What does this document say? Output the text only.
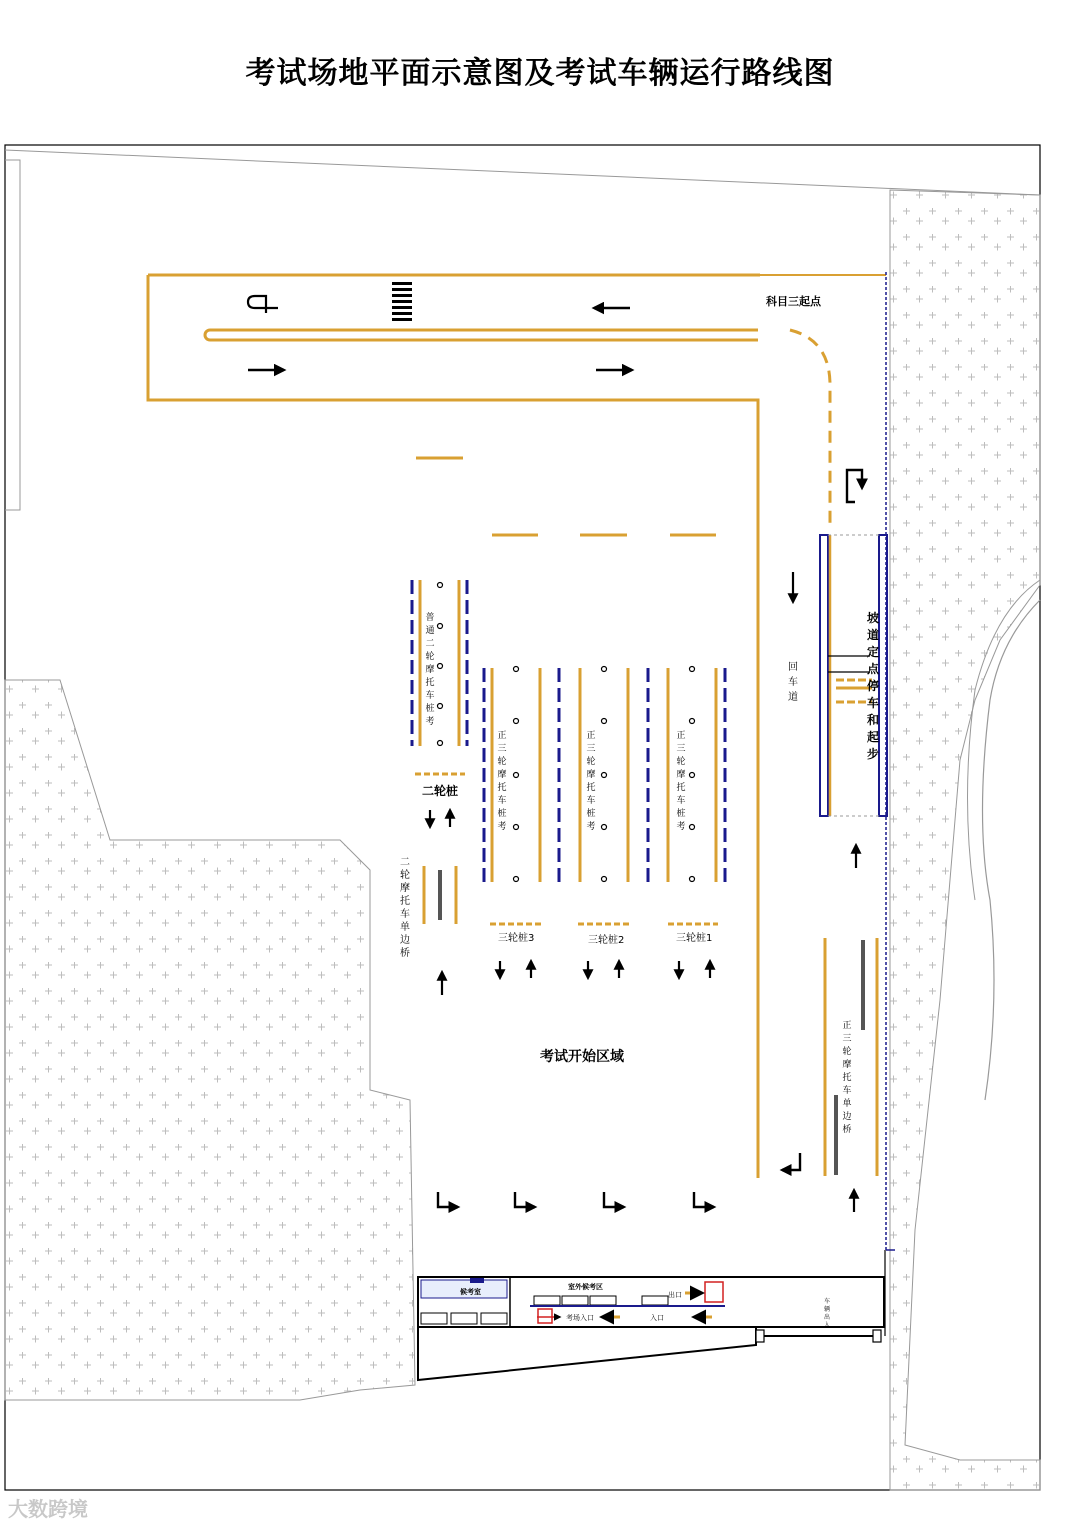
考试场地平面示意图及考试车辆运行路线图
科目三起点
二轮桩
三轮桩3	三轮桩2	三轮桩1
考试开始区域
候考室
室外候考区
出口
入口
考场入口
普通二轮摩托车桩考
正三轮摩托车桩考
正三轮摩托车桩考
正三轮摩托车桩考
回车道
坡道定点停车和起步
二轮摩托车单边桥
正三轮摩托车单边桥
车辆出入
大数跨境
